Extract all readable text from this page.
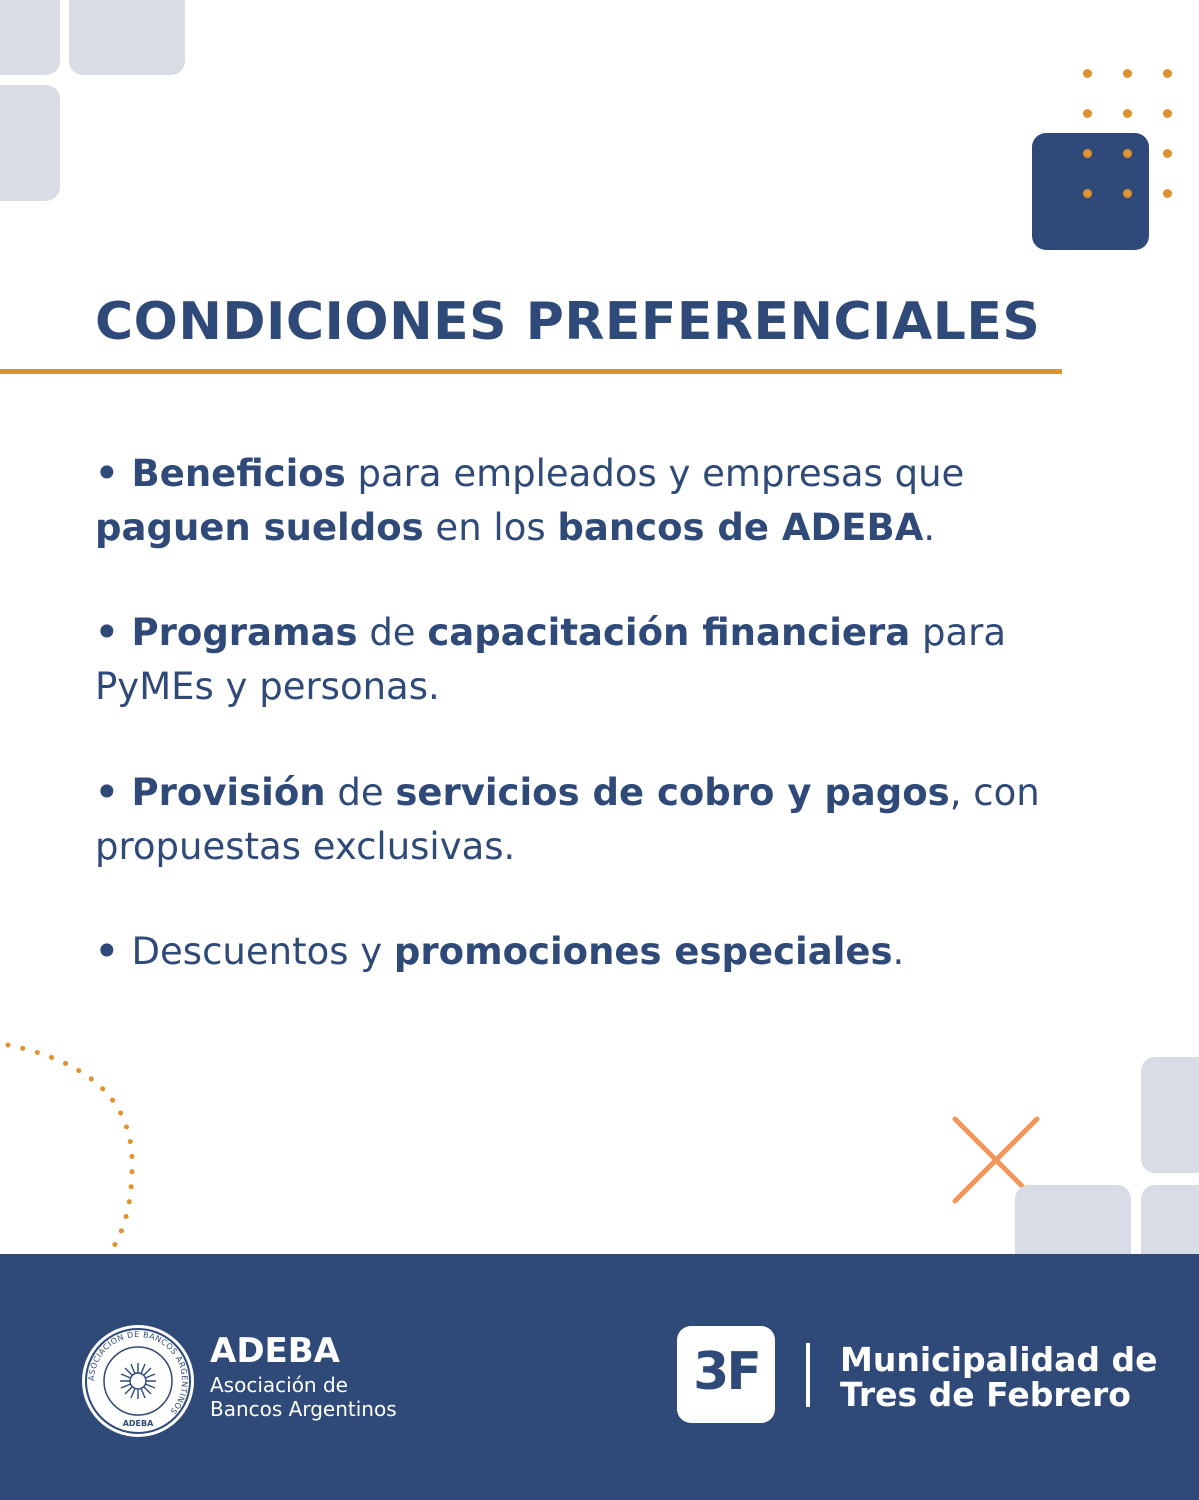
CONDICIONES PREFERENCIALES
• Beneficios para empleados y empresas que paguen sueldos en los bancos de ADEBA.
• Programas de capacitación financiera para PyMEs y personas.
• Provisión de servicios de cobro y pagos, con propuestas exclusivas.
• Descuentos y promociones especiales.
ASOCIACION DE BANCOS ARGENTINOS
ADEBA
ADEBA
Asociación de
Bancos Argentinos
3F	Municipalidad de
Tres de Febrero
